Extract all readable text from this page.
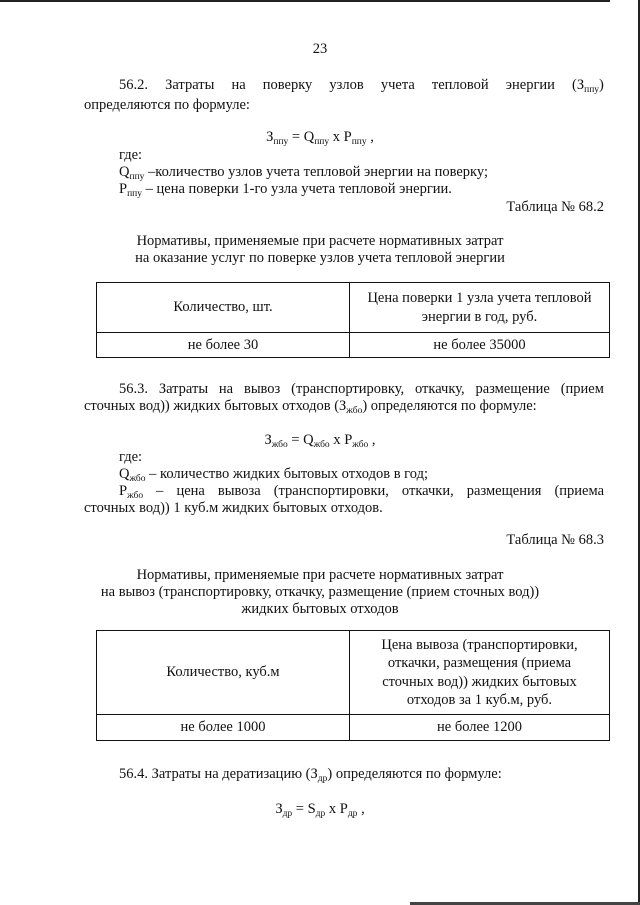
23
56.2. Затраты на поверку узлов учета тепловой энергии $(З_{ппу})$
определяются по формуле:
$З_{ппу} = Q_{ппу}$ x $P_{ппу}$ ,
где:
$Q_{ппу}$ –количество узлов учета тепловой энергии на поверку;
$P_{ппу}$ – цена поверки 1-го узла учета тепловой энергии.
Таблица № 68.2
Нормативы, применяемые при расчете нормативных затрат
на оказание услуг по поверке узлов учета тепловой энергии
Количество, шт.	Цена поверки 1 узла учета тепловой
энергии в год, руб.
не более 30	не более 35000
56.3. Затраты на вывоз (транспортировку, откачку, размещение (прием
сточных вод)) жидких бытовых отходов $(З_{жбо})$ определяются по формуле:
$З_{жбо} = Q_{жбо}$ x $P_{жбо}$ ,
где:
$Q_{жбо}$ – количество жидких бытовых отходов в год;
$P_{жбо}$ – цена вывоза (транспортировки, откачки, размещения (приема
сточных вод)) 1 куб.м жидких бытовых отходов.
Таблица № 68.3
Нормативы, применяемые при расчете нормативных затрат
на вывоз (транспортировку, откачку, размещение (прием сточных вод))
жидких бытовых отходов
Количество, куб.м	Цена вывоза (транспортировки,
откачки, размещения (приема
сточных вод)) жидких бытовых
отходов за 1 куб.м, руб.
не более 1000	не более 1200
56.4. Затраты на дератизацию $(З_{др})$ определяются по формуле:
$З_{др} = S_{др}$ x $P_{др}$ ,
